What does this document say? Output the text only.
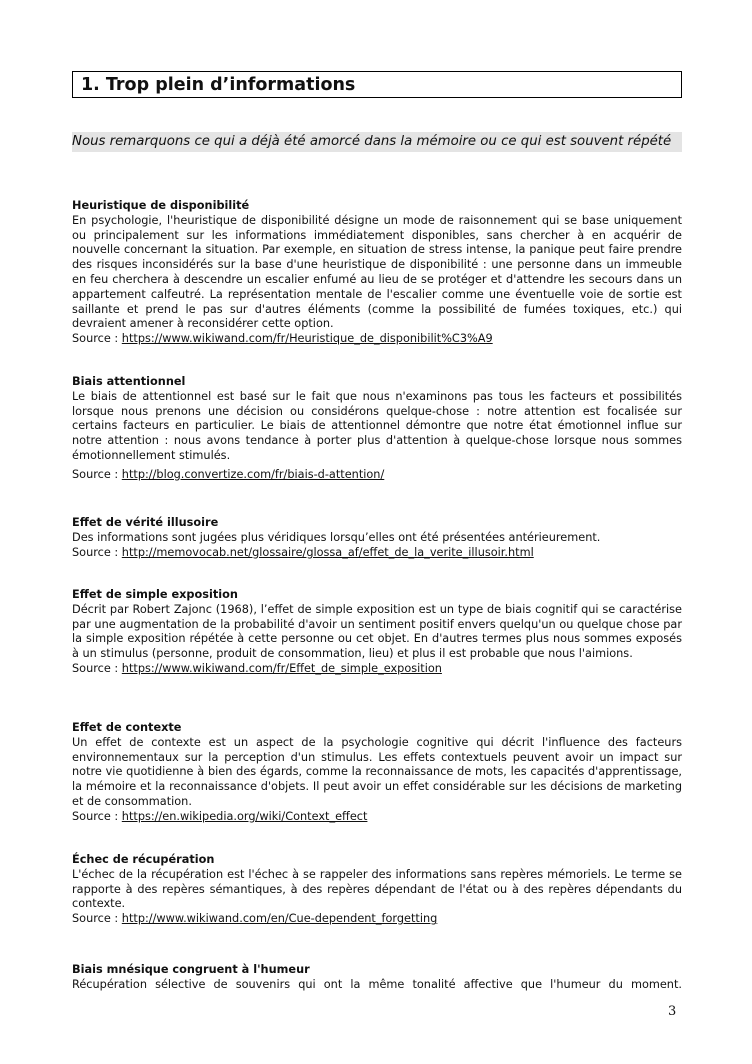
1. Trop plein d’informations
Nous remarquons ce qui a déjà été amorcé dans la mémoire ou ce qui est souvent répété
Heuristique de disponibilité
En psychologie, l'heuristique de disponibilité désigne un mode de raisonnement qui se base uniquement ou principalement sur les informations immédiatement disponibles, sans chercher à en acquérir de nouvelle concernant la situation. Par exemple, en situation de stress intense, la panique peut faire prendre des risques inconsidérés sur la base d'une heuristique de disponibilité : une personne dans un immeuble en feu cherchera à descendre un escalier enfumé au lieu de se protéger et d'attendre les secours dans un appartement calfeutré. La représentation mentale de l'escalier comme une éventuelle voie de sortie est saillante et prend le pas sur d'autres éléments (comme la possibilité de fumées toxiques, etc.) qui devraient amener à reconsidérer cette option.
Source : https://www.wikiwand.com/fr/Heuristique_de_disponibilit%C3%A9
Biais attentionnel
Le biais de attentionnel est basé sur le fait que nous n'examinons pas tous les facteurs et possibilités lorsque nous prenons une décision ou considérons quelque-chose : notre attention est focalisée sur certains facteurs en particulier. Le biais de attentionnel démontre que notre état émotionnel influe sur notre attention : nous avons tendance à porter plus d'attention à quelque-chose lorsque nous sommes émotionnellement stimulés.
Source : http://blog.convertize.com/fr/biais-d-attention/
Effet de vérité illusoire
Des informations sont jugées plus véridiques lorsqu’elles ont été présentées antérieurement.
Source : http://memovocab.net/glossaire/glossa_af/effet_de_la_verite_illusoir.html
Effet de simple exposition
Décrit par Robert Zajonc (1968), l’effet de simple exposition est un type de biais cognitif qui se caractérise par une augmentation de la probabilité d'avoir un sentiment positif envers quelqu'un ou quelque chose par la simple exposition répétée à cette personne ou cet objet. En d'autres termes plus nous sommes exposés à un stimulus (personne, produit de consommation, lieu) et plus il est probable que nous l'aimions.
Source : https://www.wikiwand.com/fr/Effet_de_simple_exposition
Effet de contexte
Un effet de contexte est un aspect de la psychologie cognitive qui décrit l'influence des facteurs environnementaux sur la perception d'un stimulus. Les effets contextuels peuvent avoir un impact sur notre vie quotidienne à bien des égards, comme la reconnaissance de mots, les capacités d'apprentissage, la mémoire et la reconnaissance d'objets. Il peut avoir un effet considérable sur les décisions de marketing et de consommation.
Source : https://en.wikipedia.org/wiki/Context_effect
Échec de récupération
L'échec de la récupération est l'échec à se rappeler des informations sans repères mémoriels. Le terme se rapporte à des repères sémantiques, à des repères dépendant de l'état ou à des repères dépendants du contexte.
Source : http://www.wikiwand.com/en/Cue-dependent_forgetting
Biais mnésique congruent à l'humeur
Récupération sélective de souvenirs qui ont la même tonalité affective que l'humeur du moment.
3
